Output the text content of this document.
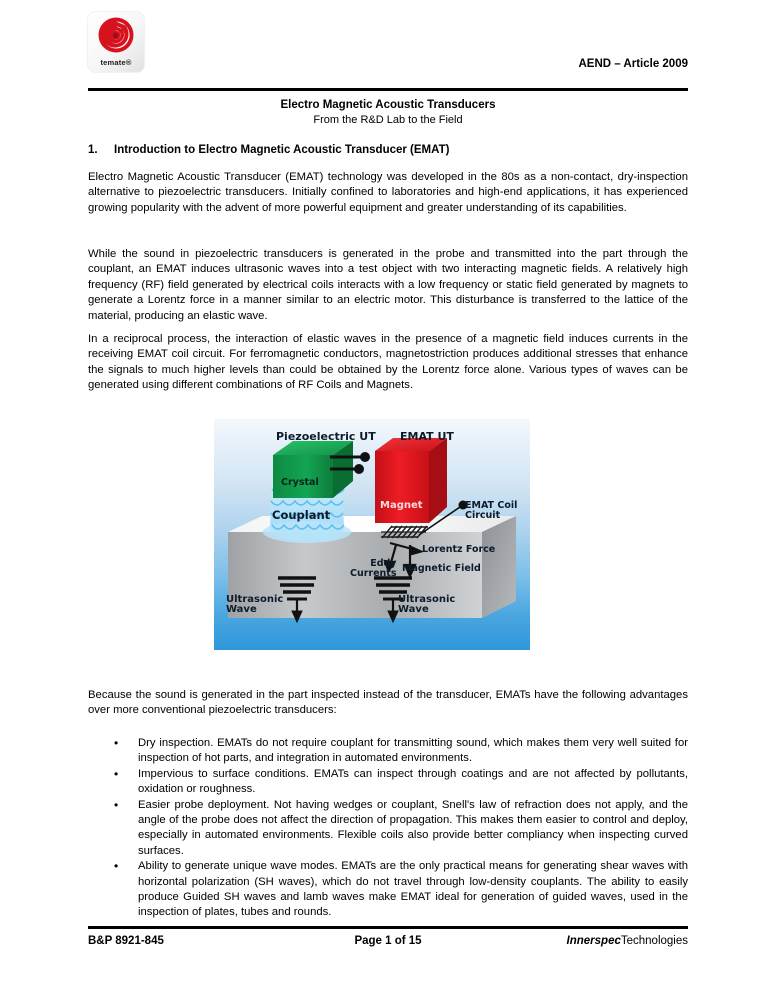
temate®	AEND – Article 2009
Electro Magnetic Acoustic Transducers
From the R&D Lab to the Field
1. Introduction to Electro Magnetic Acoustic Transducer (EMAT)
Electro Magnetic Acoustic Transducer (EMAT) technology was developed in the 80s as a non-contact, dry-inspection alternative to piezoelectric transducers. Initially confined to laboratories and high-end applications, it has experienced growing popularity with the advent of more powerful equipment and greater understanding of its capabilities.
While the sound in piezoelectric transducers is generated in the probe and transmitted into the part through the couplant, an EMAT induces ultrasonic waves into a test object with two interacting magnetic fields. A relatively high frequency (RF) field generated by electrical coils interacts with a low frequency or static field generated by magnets to generate a Lorentz force in a manner similar to an electric motor. This disturbance is transferred to the lattice of the material, producing an elastic wave.
In a reciprocal process, the interaction of elastic waves in the presence of a magnetic field induces currents in the receiving EMAT coil circuit. For ferromagnetic conductors, magnetostriction produces additional stresses that enhance the signals to much higher levels than could be obtained by the Lorentz force alone. Various types of waves can be generated using different combinations of RF Coils and Magnets.
Piezoelectric UT EMAT UT
Crystal
Couplant
Magnet	EMAT Coil
Circuit
Lorentz Force
Eddy
Currents Magnetic Field
Ultrasonic
Wave
Ultrasonic
Wave
Because the sound is generated in the part inspected instead of the transducer, EMATs have the following advantages over more conventional piezoelectric transducers:
• Dry inspection. EMATs do not require couplant for transmitting sound, which makes them very well suited for inspection of hot parts, and integration in automated environments.
• Impervious to surface conditions. EMATs can inspect through coatings and are not affected by pollutants, oxidation or roughness.
• Easier probe deployment. Not having wedges or couplant, Snell's law of refraction does not apply, and the angle of the probe does not affect the direction of propagation. This makes them easier to control and deploy, especially in automated environments. Flexible coils also provide better compliancy when inspecting curved surfaces.
• Ability to generate unique wave modes. EMATs are the only practical means for generating shear waves with horizontal polarization (SH waves), which do not travel through low-density couplants. The ability to easily produce Guided SH waves and lamb waves make EMAT ideal for generation of guided waves, used in the inspection of plates, tubes and rounds.
B&P 8921-845	Page 1 of 15	InnerspecTechnologies
